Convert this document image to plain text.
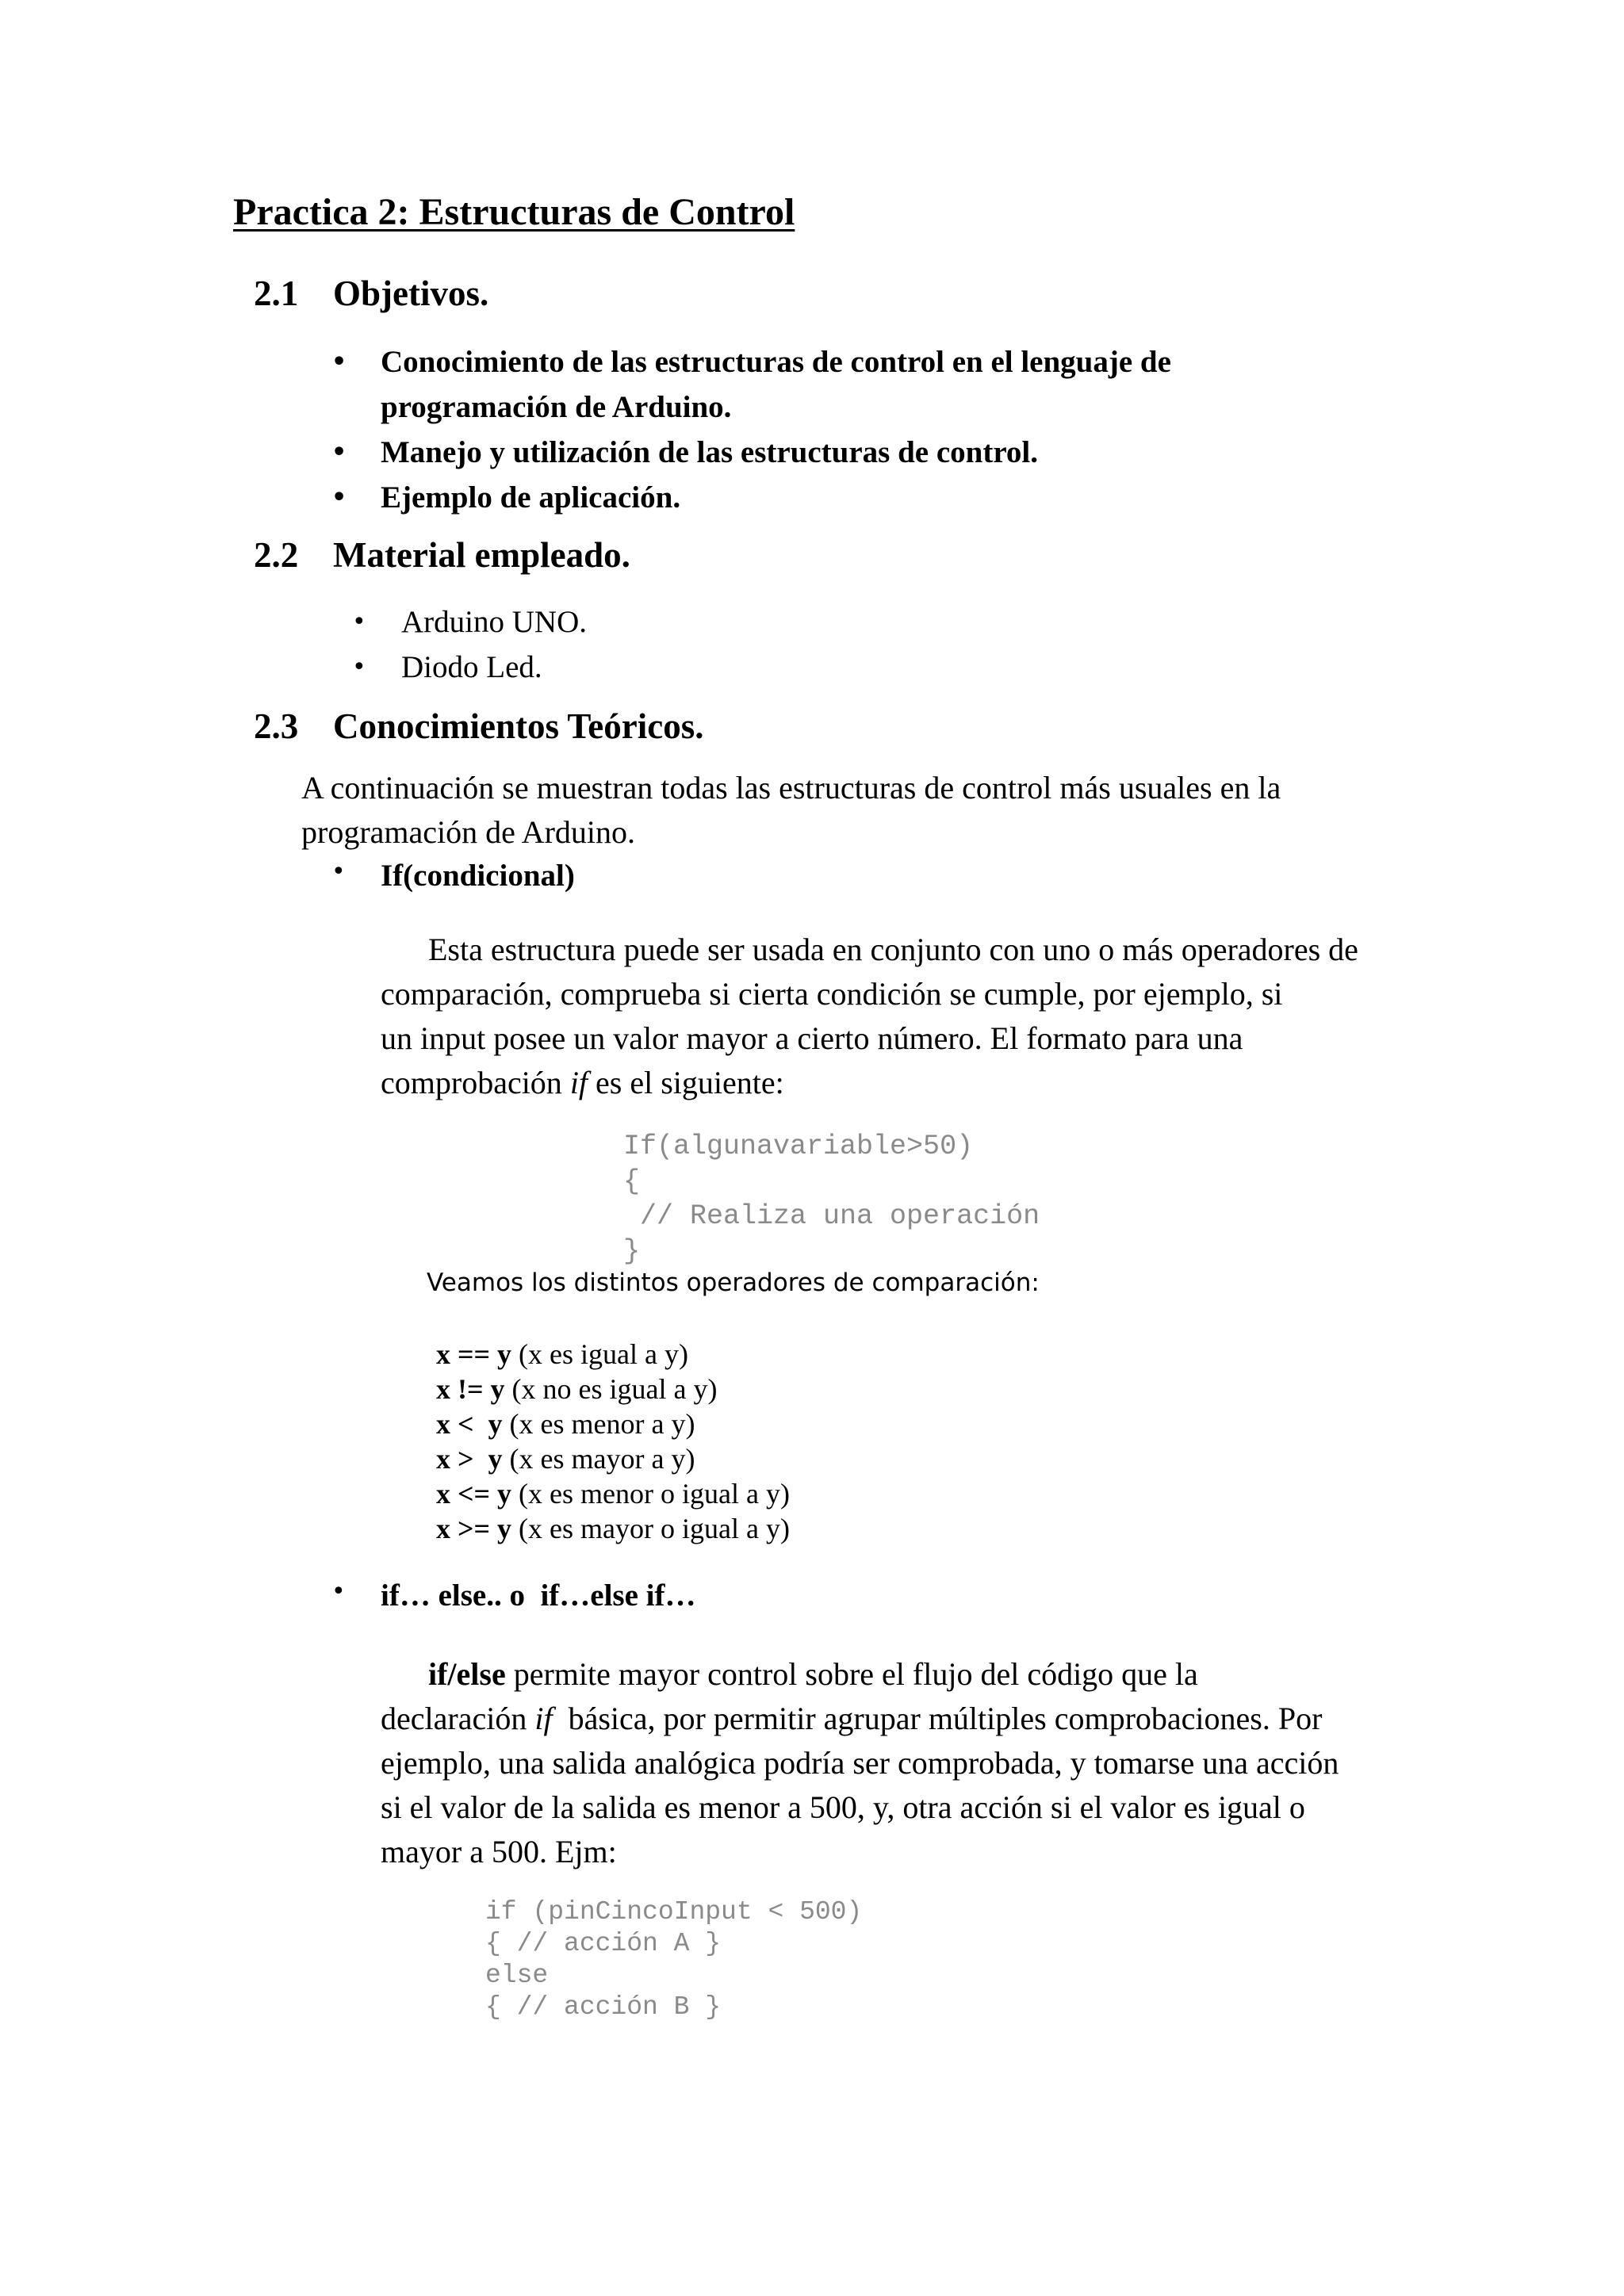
Practica 2: Estructuras de Control
2.1 Objetivos.
• Conocimiento de las estructuras de control en el lenguaje de programación de Arduino.
• Manejo y utilización de las estructuras de control.
• Ejemplo de aplicación.
2.2 Material empleado.
• Arduino UNO.
• Diodo Led.
2.3 Conocimientos Teóricos.
A continuación se muestran todas las estructuras de control más usuales en la programación de Arduino.
• If(condicional)
Esta estructura puede ser usada en conjunto con uno o más operadores de
comparación, comprueba si cierta condición se cumple, por ejemplo, si
un input posee un valor mayor a cierto número. El formato para una
comprobación if es el siguiente:
If(algunavariable>50)
{
// Realiza una operación
}
Veamos los distintos operadores de comparación:
x == y (x es igual a y)
x != y (x no es igual a y)
x <  y (x es menor a y)
x >  y (x es mayor a y)
x <= y (x es menor o igual a y)
x >= y (x es mayor o igual a y)
• if… else.. o  if…else if…
if/else permite mayor control sobre el flujo del código que la
declaración if  básica, por permitir agrupar múltiples comprobaciones. Por
ejemplo, una salida analógica podría ser comprobada, y tomarse una acción
si el valor de la salida es menor a 500, y, otra acción si el valor es igual o
mayor a 500. Ejm:
if (pinCincoInput < 500)
{ // acción A }
else
{ // acción B }
